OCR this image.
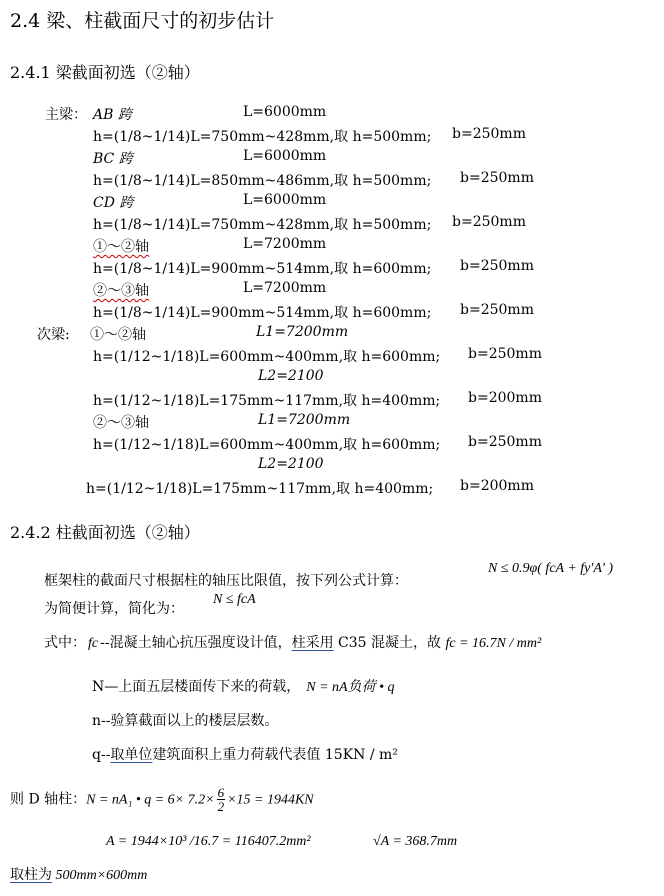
2.4 梁、柱截面尺寸的初步估计
2.4.1 梁截面初选（②轴）
主梁： AB 跨	L=6000mm
h=(1/8~1/14)L=750mm~428mm,取 h=500mm; b=250mm
BC 跨	L=6000mm
h=(1/8~1/14)L=850mm~486mm,取 h=500mm; b=250mm
CD 跨	L=6000mm
h=(1/8~1/14)L=750mm~428mm,取 h=500mm; b=250mm
①～②轴	L=7200mm
h=(1/8~1/14)L=900mm~514mm,取 h=600mm; b=250mm
②～③轴	L=7200mm
h=(1/8~1/14)L=900mm~514mm,取 h=600mm; b=250mm
次梁: ①～②轴	L1=7200mm
h=(1/12~1/18)L=600mm~400mm,取 h=600mm; b=250mm
L2=2100
h=(1/12~1/18)L=175mm~117mm,取 h=400mm; b=200mm
②～③轴	L1=7200mm
h=(1/12~1/18)L=600mm~400mm,取 h=600mm; b=250mm
L2=2100
h=(1/12~1/18)L=175mm~117mm,取 h=400mm; b=200mm
2.4.2 柱截面初选（②轴）
框架柱的截面尺寸根据柱的轴压比限值，按下列公式计算：
N ≤ 0.9φ( fcA + fy'A' )
为简便计算，简化为：
N ≤ fcA
式中： fc --混凝土轴心抗压强度设计值，柱采用 C35 混凝土，故 fc = 16.7N / mm²
N—上面五层楼面传下来的荷载， N = nA负荷 • q
n--验算截面以上的楼层层数。
q--取单位建筑面积上重力荷载代表值 15KN / m²
则 D 轴柱：N = nA₁ • $q = 6\times 7.2\times \frac{6}{2} \times 15 = 1944KN$
A = 1944×10³ /16.7 = 116407.2mm²	√A = 368.7mm
取柱为 500mm×600mm
